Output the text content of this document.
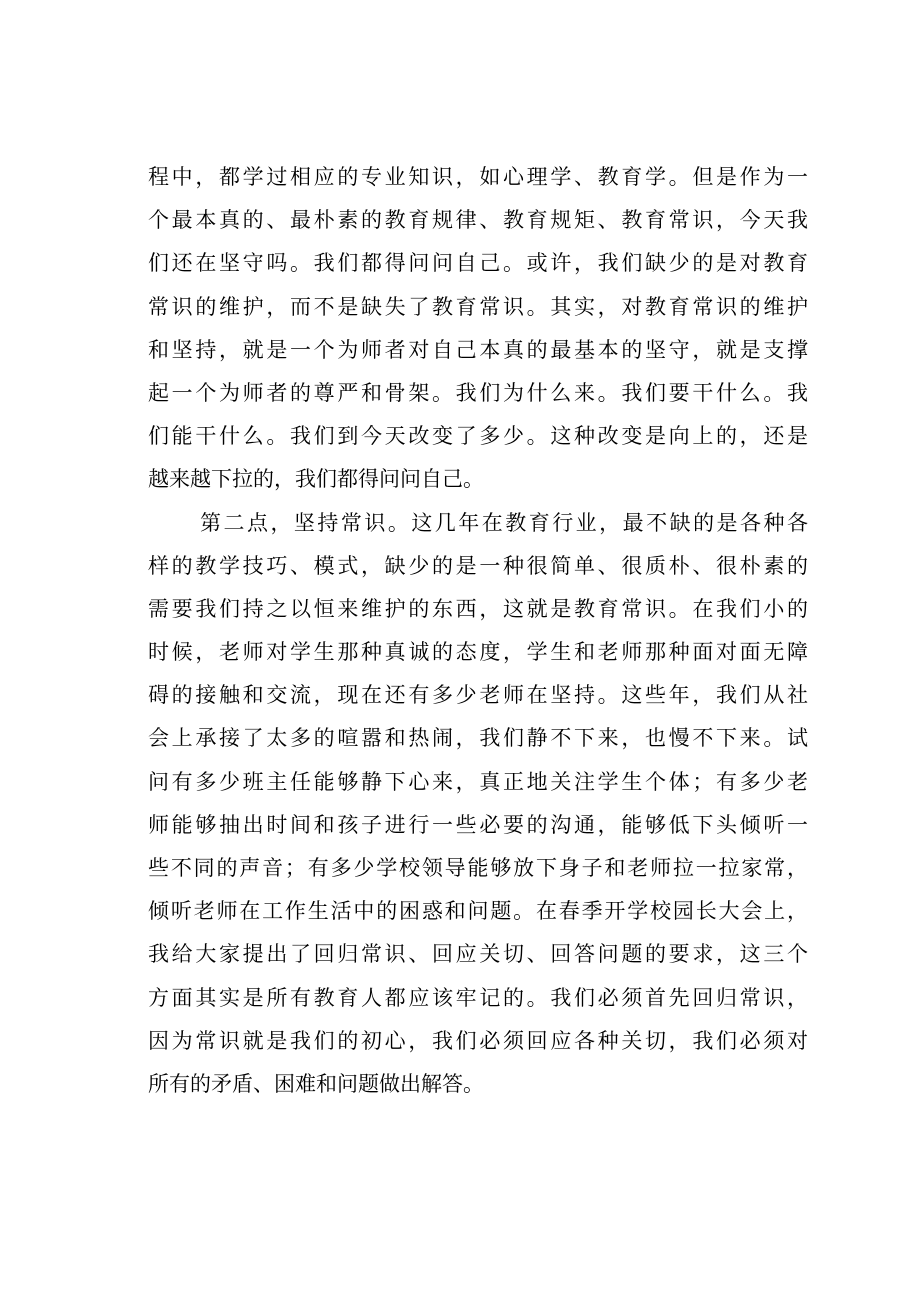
程中，都学过相应的专业知识，如心理学、教育学。但是作为一
个最本真的、最朴素的教育规律、教育规矩、教育常识，今天我
们还在坚守吗。我们都得问问自己。或许，我们缺少的是对教育
常识的维护，而不是缺失了教育常识。其实，对教育常识的维护
和坚持，就是一个为师者对自己本真的最基本的坚守，就是支撑
起一个为师者的尊严和骨架。我们为什么来。我们要干什么。我
们能干什么。我们到今天改变了多少。这种改变是向上的，还是
越来越下拉的，我们都得问问自己。
第二点，坚持常识。这几年在教育行业，最不缺的是各种各
样的教学技巧、模式，缺少的是一种很简单、很质朴、很朴素的
需要我们持之以恒来维护的东西，这就是教育常识。在我们小的
时候，老师对学生那种真诚的态度，学生和老师那种面对面无障
碍的接触和交流，现在还有多少老师在坚持。这些年，我们从社
会上承接了太多的喧嚣和热闹，我们静不下来，也慢不下来。试
问有多少班主任能够静下心来，真正地关注学生个体；有多少老
师能够抽出时间和孩子进行一些必要的沟通，能够低下头倾听一
些不同的声音；有多少学校领导能够放下身子和老师拉一拉家常，
倾听老师在工作生活中的困惑和问题。在春季开学校园长大会上，
我给大家提出了回归常识、回应关切、回答问题的要求，这三个
方面其实是所有教育人都应该牢记的。我们必须首先回归常识，
因为常识就是我们的初心，我们必须回应各种关切，我们必须对
所有的矛盾、困难和问题做出解答。
